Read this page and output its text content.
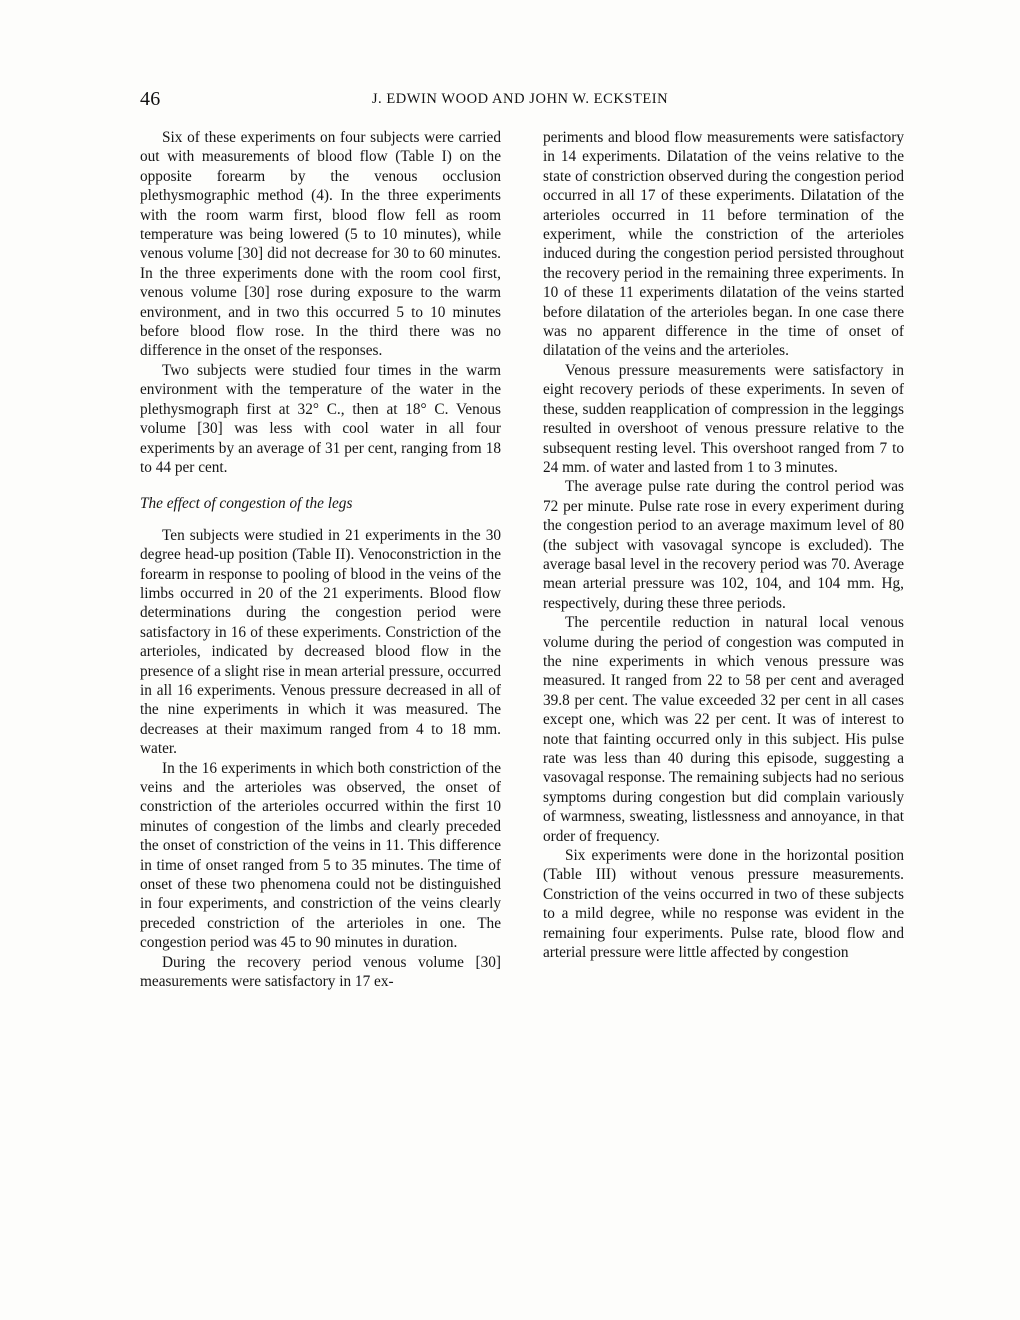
46	J. EDWIN WOOD AND JOHN W. ECKSTEIN

Six of these experiments on four subjects were carried out with measurements of blood flow (Table I) on the opposite forearm by the venous occlusion plethysmographic method (4). In the three experiments with the room warm first, blood flow fell as room temperature was being lowered (5 to 10 minutes), while venous volume [30] did not decrease for 30 to 60 minutes. In the three experiments done with the room cool first, venous volume [30] rose during exposure to the warm environment, and in two this occurred 5 to 10 minutes before blood flow rose. In the third there was no difference in the onset of the responses.

Two subjects were studied four times in the warm environment with the temperature of the water in the plethysmograph first at 32° C., then at 18° C. Venous volume [30] was less with cool water in all four experiments by an average of 31 per cent, ranging from 18 to 44 per cent.

The effect of congestion of the legs

Ten subjects were studied in 21 experiments in the 30 degree head-up position (Table II). Venoconstriction in the forearm in response to pooling of blood in the veins of the limbs occurred in 20 of the 21 experiments. Blood flow determinations during the congestion period were satisfactory in 16 of these experiments. Constriction of the arterioles, indicated by decreased blood flow in the presence of a slight rise in mean arterial pressure, occurred in all 16 experiments. Venous pressure decreased in all of the nine experiments in which it was measured. The decreases at their maximum ranged from 4 to 18 mm. water.

In the 16 experiments in which both constriction of the veins and the arterioles was observed, the onset of constriction of the arterioles occurred within the first 10 minutes of congestion of the limbs and clearly preceded the onset of constriction of the veins in 11. This difference in time of onset ranged from 5 to 35 minutes. The time of onset of these two phenomena could not be distinguished in four experiments, and constriction of the veins clearly preceded constriction of the arterioles in one. The congestion period was 45 to 90 minutes in duration.

During the recovery period venous volume [30] measurements were satisfactory in 17 ex-

periments and blood flow measurements were satisfactory in 14 experiments. Dilatation of the veins relative to the state of constriction observed during the congestion period occurred in all 17 of these experiments. Dilatation of the arterioles occurred in 11 before termination of the experiment, while the constriction of the arterioles induced during the congestion period persisted throughout the recovery period in the remaining three experiments. In 10 of these 11 experiments dilatation of the veins started before dilatation of the arterioles began. In one case there was no apparent difference in the time of onset of dilatation of the veins and the arterioles.

Venous pressure measurements were satisfactory in eight recovery periods of these experiments. In seven of these, sudden reapplication of compression in the leggings resulted in overshoot of venous pressure relative to the subsequent resting level. This overshoot ranged from 7 to 24 mm. of water and lasted from 1 to 3 minutes.

The average pulse rate during the control period was 72 per minute. Pulse rate rose in every experiment during the congestion period to an average maximum level of 80 (the subject with vasovagal syncope is excluded). The average basal level in the recovery period was 70. Average mean arterial pressure was 102, 104, and 104 mm. Hg, respectively, during these three periods.

The percentile reduction in natural local venous volume during the period of congestion was computed in the nine experiments in which venous pressure was measured. It ranged from 22 to 58 per cent and averaged 39.8 per cent. The value exceeded 32 per cent in all cases except one, which was 22 per cent. It was of interest to note that fainting occurred only in this subject. His pulse rate was less than 40 during this episode, suggesting a vasovagal response. The remaining subjects had no serious symptoms during congestion but did complain variously of warmness, sweating, listlessness and annoyance, in that order of frequency.

Six experiments were done in the horizontal position (Table III) without venous pressure measurements. Constriction of the veins occurred in two of these subjects to a mild degree, while no response was evident in the remaining four experiments. Pulse rate, blood flow and arterial pressure were little affected by congestion
